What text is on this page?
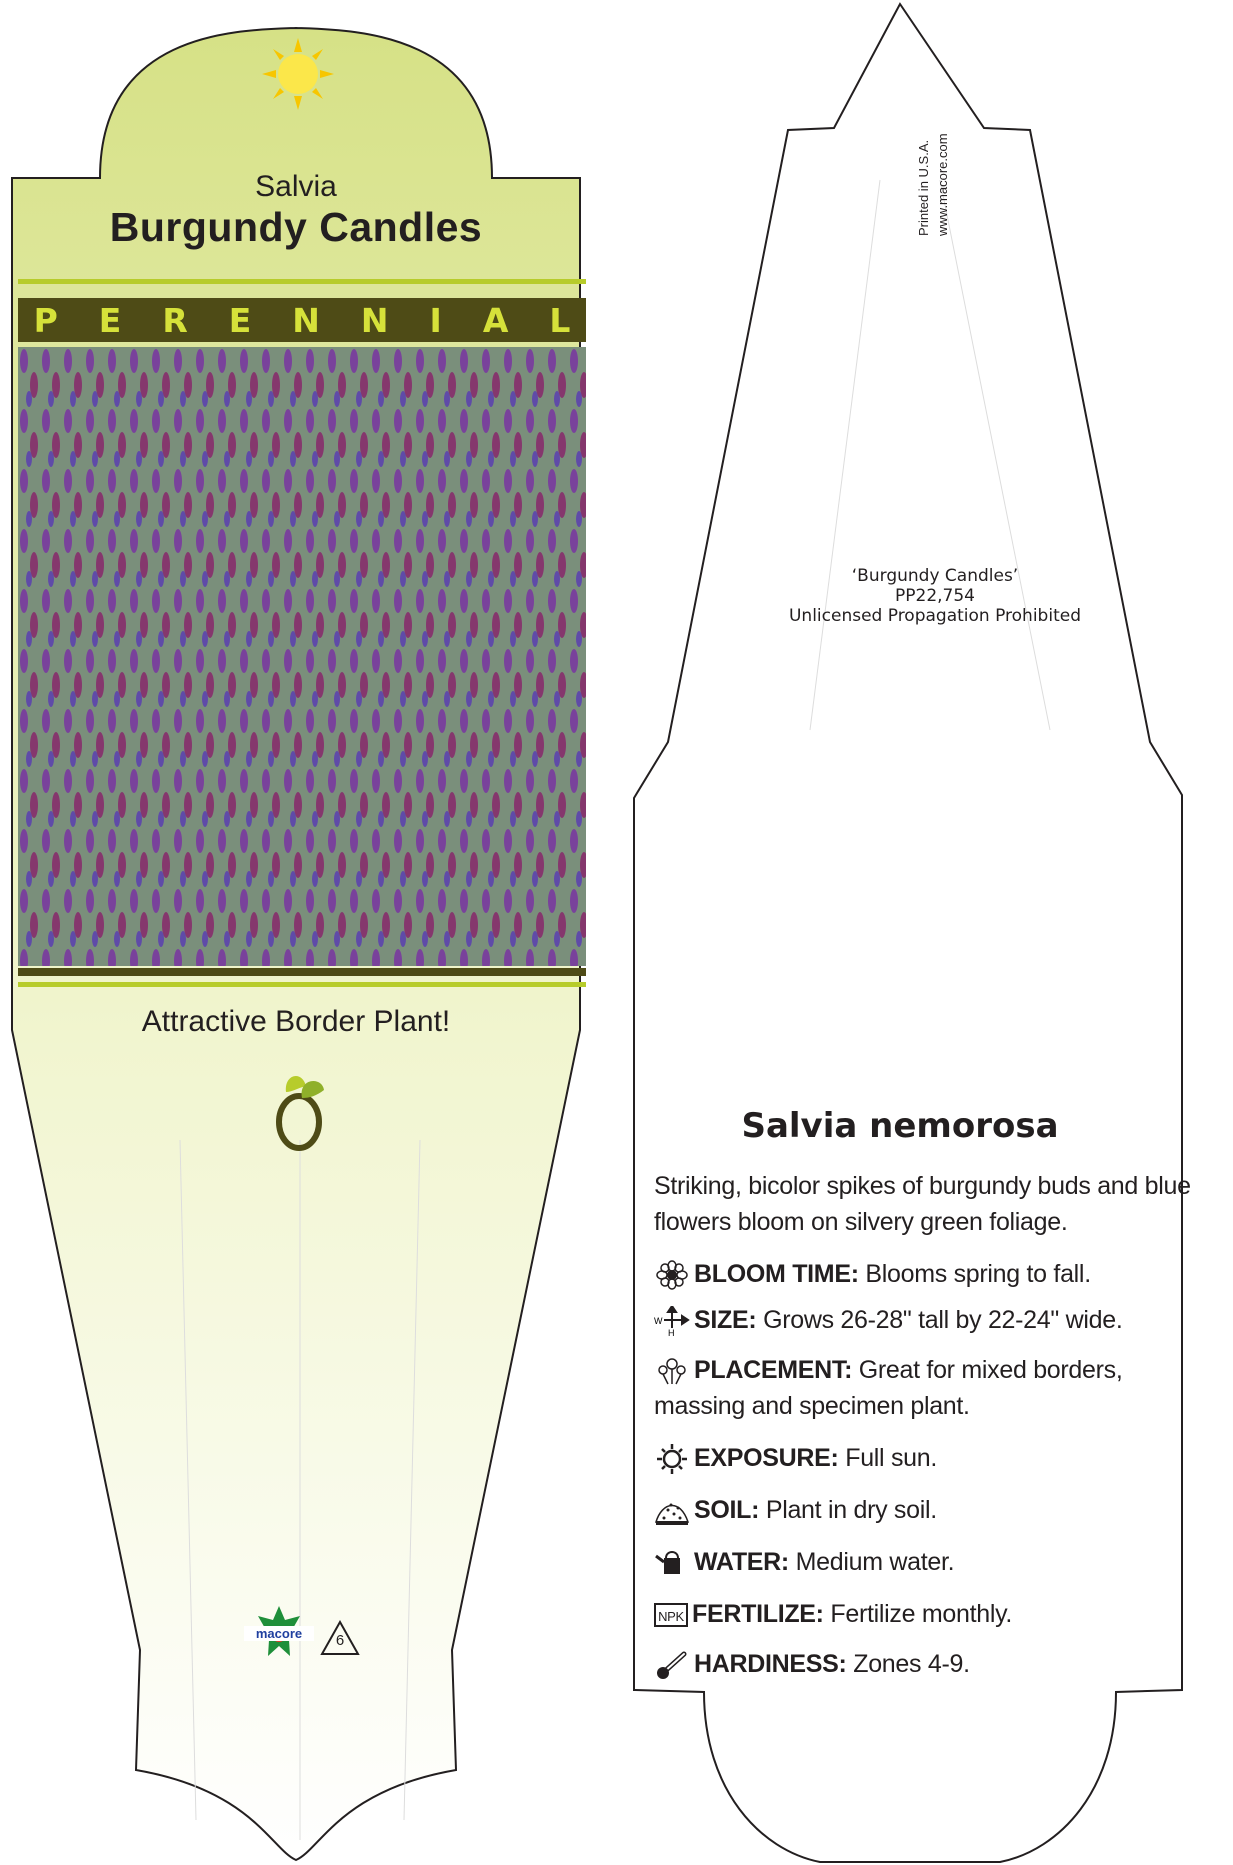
Salvia
Burgundy Candles
PERENNIAL
Attractive Border Plant!
macore	6
Printed in U.S.A. www.macore.com
‘Burgundy Candles’
PP22,754
Unlicensed Propagation Prohibited
Salvia nemorosa
Striking, bicolor spikes of burgundy buds and blue flowers bloom on silvery green foliage.
BLOOM TIME: Blooms spring to fall.
W
H SIZE: Grows 26-28" tall by 22-24" wide.
PLACEMENT: Great for mixed borders, massing and specimen plant.
EXPOSURE: Full sun.
SOIL: Plant in dry soil.
WATER: Medium water.
NPK FERTILIZE: Fertilize monthly.
HARDINESS: Zones 4-9.
